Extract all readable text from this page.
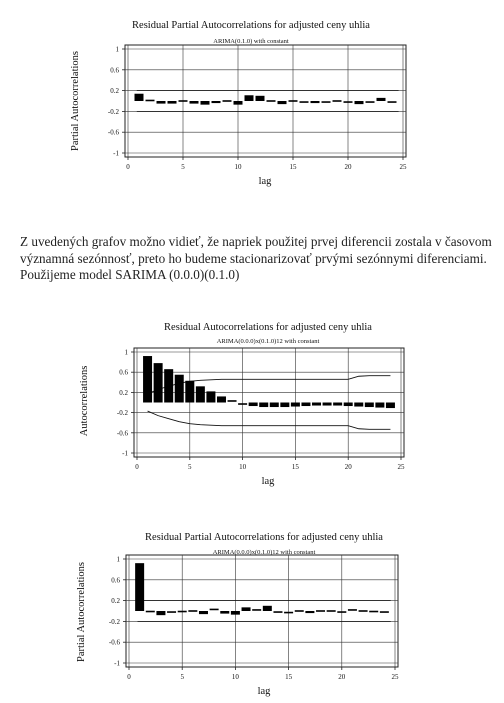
Residual Partial Autocorrelations for adjusted ceny uhlia
ARIMA(0.1.0) with constant
lag
Partial Autocorrelations
1
0.6
0.2
-0.2
-0.6
-1
0	5	10	15	20	25
Z uvedených grafov možno vidieť, že napriek použitej prvej diferencii zostala v časovom
významná sezónnosť, preto ho budeme stacionarizovať prvými sezónnymi diferenciami.
Použijeme model SARIMA (0.0.0)(0.1.0)
Residual Autocorrelations for adjusted ceny uhlia
ARIMA(0.0.0)x(0.1.0)12 with constant
lag
Autocorrelations
1
0.6
0.2
-0.2
-0.6
-1
0	5	10	15	20	25
Residual Partial Autocorrelations for adjusted ceny uhlia
ARIMA(0.0.0)x(0.1.0)12 with constant
lag
Partial Autocorrelations
1
0.6
0.2
-0.2
-0.6
-1
0	5	10	15	20	25
